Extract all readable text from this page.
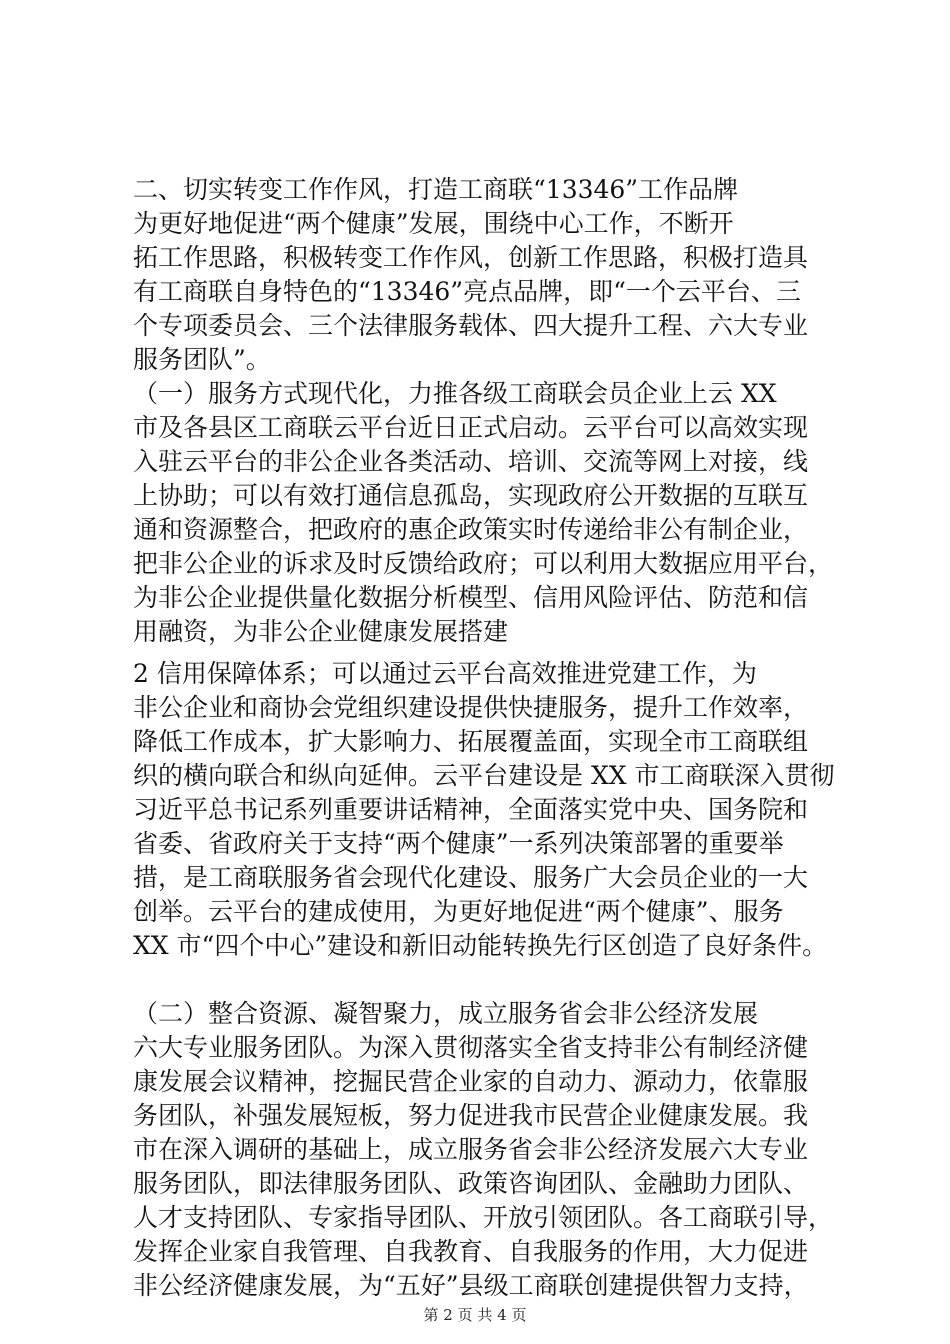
二、切实转变工作作风，打造工商联“13346”工作品牌
为更好地促进“两个健康”发展，围绕中心工作，不断开
拓工作思路，积极转变工作作风，创新工作思路，积极打造具
有工商联自身特色的“13346”亮点品牌，即“一个云平台、三
个专项委员会、三个法律服务载体、四大提升工程、六大专业
服务团队”。
（一）服务方式现代化，力推各级工商联会员企业上云 XX
市及各县区工商联云平台近日正式启动。云平台可以高效实现
入驻云平台的非公企业各类活动、培训、交流等网上对接，线
上协助；可以有效打通信息孤岛，实现政府公开数据的互联互
通和资源整合，把政府的惠企政策实时传递给非公有制企业，
把非公企业的诉求及时反馈给政府；可以利用大数据应用平台，
为非公企业提供量化数据分析模型、信用风险评估、防范和信
用融资，为非公企业健康发展搭建
2 信用保障体系；可以通过云平台高效推进党建工作，为
非公企业和商协会党组织建设提供快捷服务，提升工作效率，
降低工作成本，扩大影响力、拓展覆盖面，实现全市工商联组
织的横向联合和纵向延伸。云平台建设是 XX 市工商联深入贯彻
习近平总书记系列重要讲话精神，全面落实党中央、国务院和
省委、省政府关于支持“两个健康”一系列决策部署的重要举
措，是工商联服务省会现代化建设、服务广大会员企业的一大
创举。云平台的建成使用，为更好地促进“两个健康”、服务
XX 市“四个中心”建设和新旧动能转换先行区创造了良好条件。
（二）整合资源、凝智聚力，成立服务省会非公经济发展
六大专业服务团队。为深入贯彻落实全省支持非公有制经济健
康发展会议精神，挖掘民营企业家的自动力、源动力，依靠服
务团队，补强发展短板，努力促进我市民营企业健康发展。我
市在深入调研的基础上，成立服务省会非公经济发展六大专业
服务团队，即法律服务团队、政策咨询团队、金融助力团队、
人才支持团队、专家指导团队、开放引领团队。各工商联引导，
发挥企业家自我管理、自我教育、自我服务的作用，大力促进
非公经济健康发展，为“五好”县级工商联创建提供智力支持，
第 2 页 共 4 页
